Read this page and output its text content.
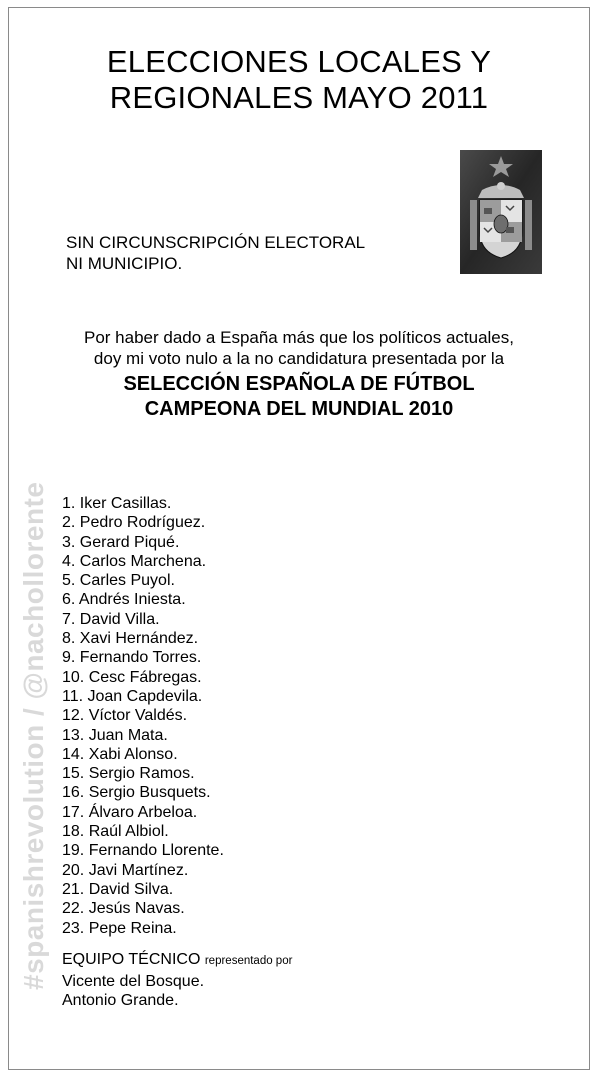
ELECCIONES LOCALES Y
REGIONALES MAYO 2011
SIN CIRCUNSCRIPCIÓN ELECTORAL
NI MUNICIPIO.
Por haber dado a España más que los políticos actuales,
doy mi voto nulo a la no candidatura presentada por la
SELECCIÓN ESPAÑOLA DE FÚTBOL
CAMPEONA DEL MUNDIAL 2010
1. Iker Casillas.
2. Pedro Rodríguez.
3. Gerard Piqué.
4. Carlos Marchena.
5. Carles Puyol.
6. Andrés Iniesta.
7. David Villa.
8. Xavi Hernández.
9. Fernando Torres.
10. Cesc Fábregas.
11. Joan Capdevila.
12. Víctor Valdés.
13. Juan Mata.
14. Xabi Alonso.
15. Sergio Ramos.
16. Sergio Busquets.
17. Álvaro Arbeloa.
18. Raúl Albiol.
19. Fernando Llorente.
20. Javi Martínez.
21. David Silva.
22. Jesús Navas.
23. Pepe Reina.
EQUIPO TÉCNICO representado por
Vicente del Bosque.
Antonio Grande.
#spanishrevolution / @nachollorente
